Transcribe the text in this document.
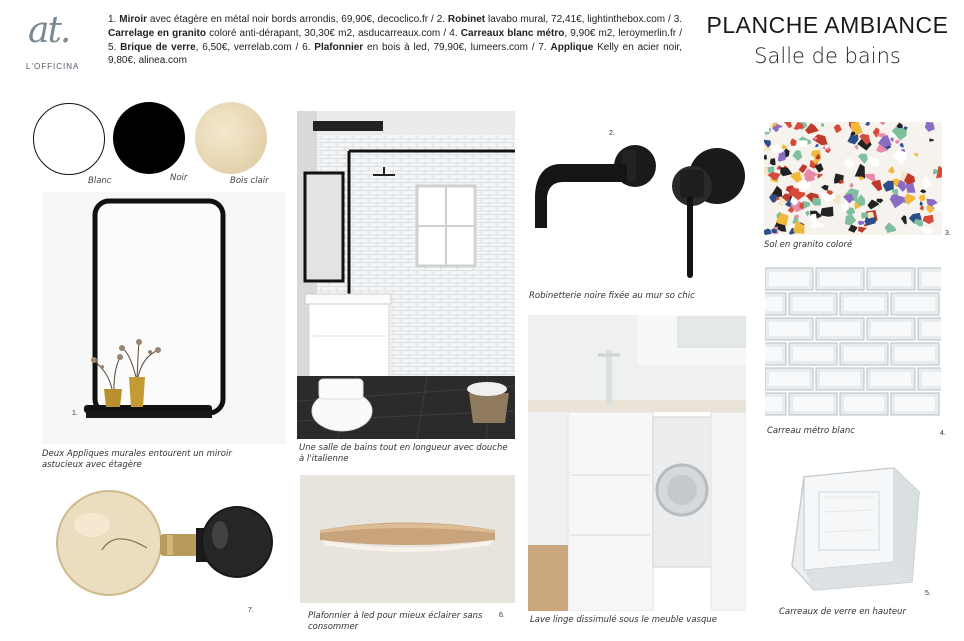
at.
L'OFFICINA
1. Miroir avec étagère en métal noir bords arrondis, 69,90€, decoclico.fr / 2. Robinet lavabo mural, 72,41€, lightinthebox.com / 3. Carrelage en granito coloré anti-dérapant, 30,30€ m2, asducarreaux.com / 4. Carreaux blanc métro, 9,90€ m2, leroymerlin.fr / 5. Brique de verre, 6,50€, verrelab.com / 6. Plafonnier en bois à led, 79,90€, lumeers.com / 7. Applique Kelly en acier noir, 9,80€, alinea.com
PLANCHE AMBIANCE
Salle de bains
Blanc	Noir	Bois clair
1.
Deux Appliques murales entourent un miroir astucieux avec étagère
Une salle de bains tout en longueur avec douche à l'italienne
2.
Robinetterie noire fixée au mur so chic
3.
Sol en granito coloré
Carreau métro blanc	4.
Lave linge dissimulé sous le meuble vasque
6.
Plafonnier à led pour mieux éclairer sans consommer
7.
5.
Carreaux de verre en hauteur
